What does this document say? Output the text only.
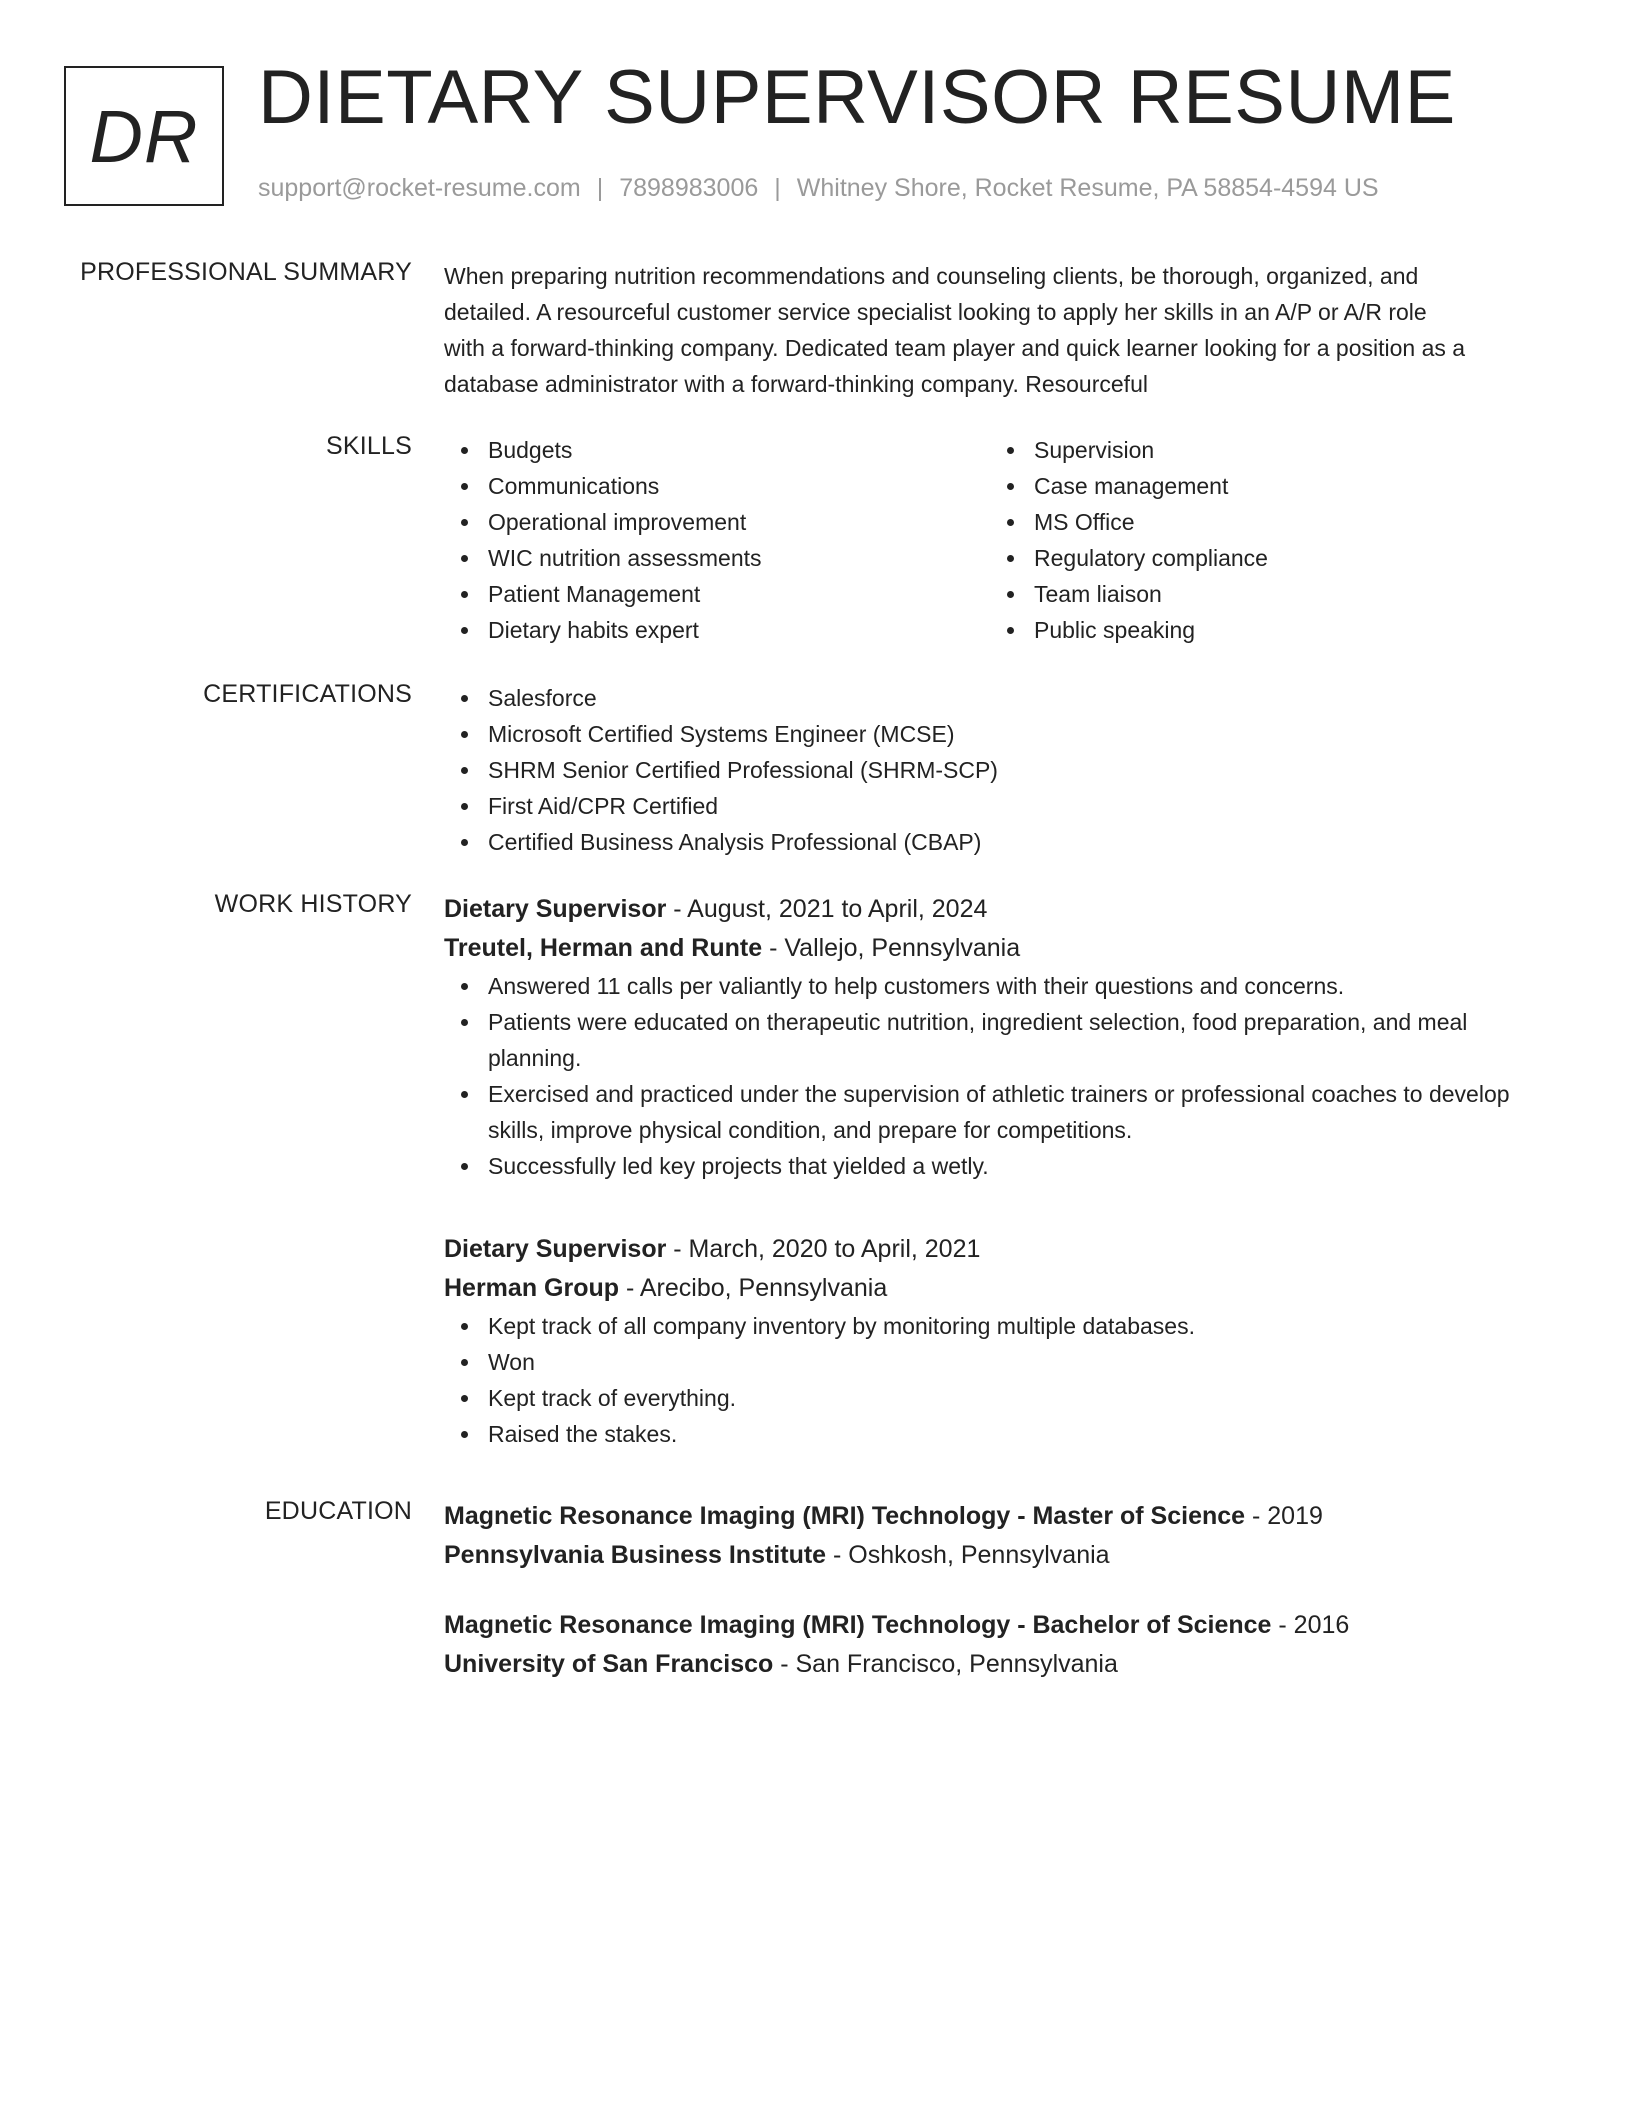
DR DIETARY SUPERVISOR RESUME
support@rocket-resume.com | 7898983006 | Whitney Shore, Rocket Resume, PA 58854-4594 US
PROFESSIONAL SUMMARY When preparing nutrition recommendations and counseling clients, be thorough, organized, and
detailed. A resourceful customer service specialist looking to apply her skills in an A/P or A/R role
with a forward-thinking company. Dedicated team player and quick learner looking for a position as a
database administrator with a forward-thinking company. Resourceful
SKILLS	Budgets
Communications
Operational improvement
WIC nutrition assessments
Patient Management
Dietary habits expert
Supervision
Case management
MS Office
Regulatory compliance
Team liaison
Public speaking
CERTIFICATIONS	Salesforce
Microsoft Certified Systems Engineer (MCSE)
SHRM Senior Certified Professional (SHRM-SCP)
First Aid/CPR Certified
Certified Business Analysis Professional (CBAP)
WORK HISTORY Dietary Supervisor - August, 2021 to April, 2024
Treutel, Herman and Runte - Vallejo, Pennsylvania
Answered 11 calls per valiantly to help customers with their questions and concerns.
Patients were educated on therapeutic nutrition, ingredient selection, food preparation, and meal planning.
Exercised and practiced under the supervision of athletic trainers or professional coaches to develop skills, improve physical condition, and prepare for competitions.
Successfully led key projects that yielded a wetly.
Dietary Supervisor - March, 2020 to April, 2021
Herman Group - Arecibo, Pennsylvania
Kept track of all company inventory by monitoring multiple databases.
Won
Kept track of everything.
Raised the stakes.
EDUCATION Magnetic Resonance Imaging (MRI) Technology - Master of Science - 2019
Pennsylvania Business Institute - Oshkosh, Pennsylvania
Magnetic Resonance Imaging (MRI) Technology - Bachelor of Science - 2016
University of San Francisco - San Francisco, Pennsylvania
